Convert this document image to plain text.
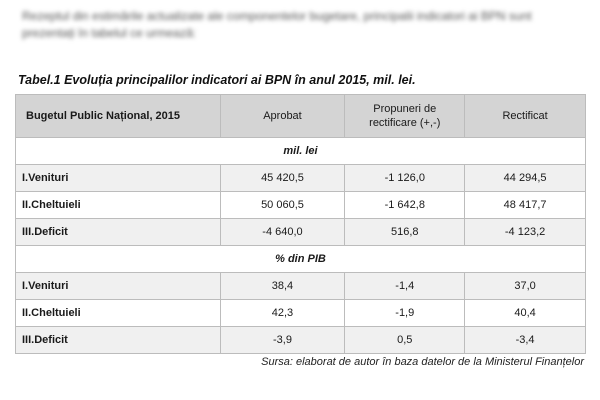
Rezeptul din estimările actualizate ale componentelor bugetare, principalii indicatori ai BPN sunt prezentați în tabelul ce urmează:
Tabel.1 Evoluția principalilor indicatori ai BPN în anul 2015, mil. lei.
Bugetul Public Național, 2015	Aprobat	Propuneri de rectificare (+,-)	Rectificat
mil. lei			
I.Venituri	45 420,5	-1 126,0	44 294,5
II.Cheltuieli	50 060,5	-1 642,8	48 417,7
III.Deficit	-4 640,0	516,8	-4 123,2
% din PIB			
I.Venituri	38,4	-1,4	37,0
II.Cheltuieli	42,3	-1,9	40,4
III.Deficit	-3,9	0,5	-3,4
Sursa: elaborat de autor în baza datelor de la Ministerul Finanțelor
